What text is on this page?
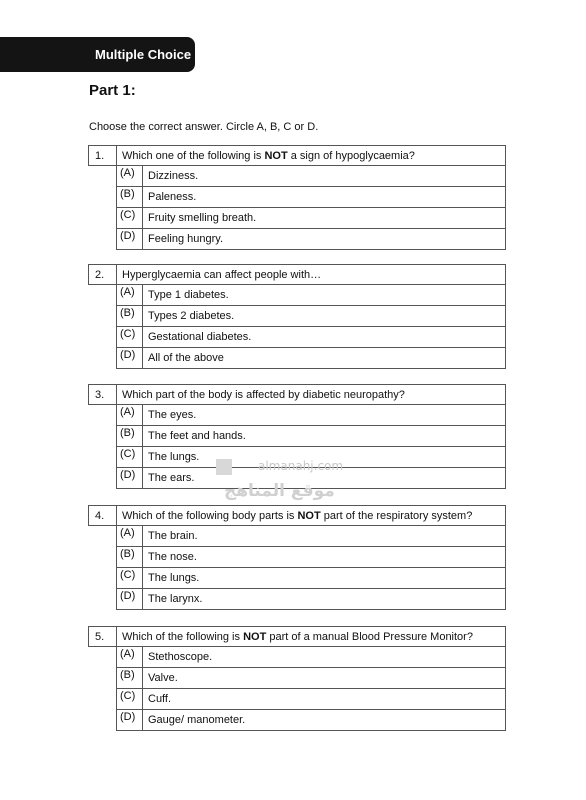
Multiple Choice
Part 1:
Choose the correct answer. Circle A, B, C or D.
1.	Which one of the following is NOT a sign of hypoglycaemia?	
	(A)	Dizziness.
	(B)	Paleness.
	(C)	Fruity smelling breath.
	(D)	Feeling hungry.
2.	Hyperglycaemia can affect people with…	
	(A)	Type 1 diabetes.
	(B)	Types 2 diabetes.
	(C)	Gestational diabetes.
	(D)	All of the above
3.	Which part of the body is affected by diabetic neuropathy?	
	(A)	The eyes.
	(B)	The feet and hands.
	(C)	The lungs.
	(D)	The ears.
4.	Which of the following body parts is NOT part of the respiratory system?	
	(A)	The brain.
	(B)	The nose.
	(C)	The lungs.
	(D)	The larynx.
5.	Which of the following is NOT part of a manual Blood Pressure Monitor?	
	(A)	Stethoscope.
	(B)	Valve.
	(C)	Cuff.
	(D)	Gauge/ manometer.
almanahj.com
موقع المناهج
